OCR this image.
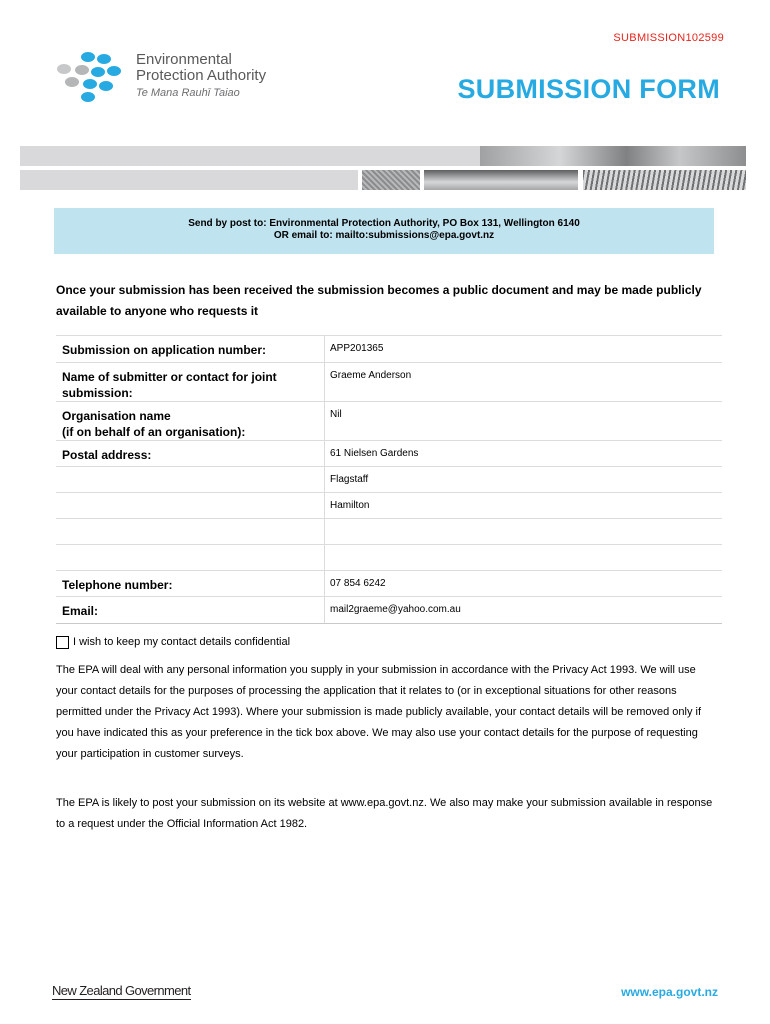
SUBMISSION102599
Environmental
Protection Authority
Te Mana Rauhī Taiao	SUBMISSION FORM
Send by post to: Environmental Protection Authority, PO Box 131, Wellington 6140
OR email to: mailto:submissions@epa.govt.nz
Once your submission has been received the submission becomes a public document and may be made publicly available to anyone who requests it
Submission on application number:	APP201365
Name of submitter or contact for joint submission:	Graeme Anderson
Organisation name
(if on behalf of an organisation):	Nil
Postal address:	61 Nielsen Gardens
	Flagstaff
	Hamilton

Telephone number:	07 854 6242
Email:	mail2graeme@yahoo.com.au
I wish to keep my contact details confidential
The EPA will deal with any personal information you supply in your submission in accordance with the Privacy Act 1993. We will use your contact details for the purposes of processing the application that it relates to (or in exceptional situations for other reasons permitted under the Privacy Act 1993). Where your submission is made publicly available, your contact details will be removed only if you have indicated this as your preference in the tick box above. We may also use your contact details for the purpose of requesting your participation in customer surveys.
The EPA is likely to post your submission on its website at www.epa.govt.nz. We also may make your submission available in response to a request under the Official Information Act 1982.
New Zealand Government	www.epa.govt.nz
